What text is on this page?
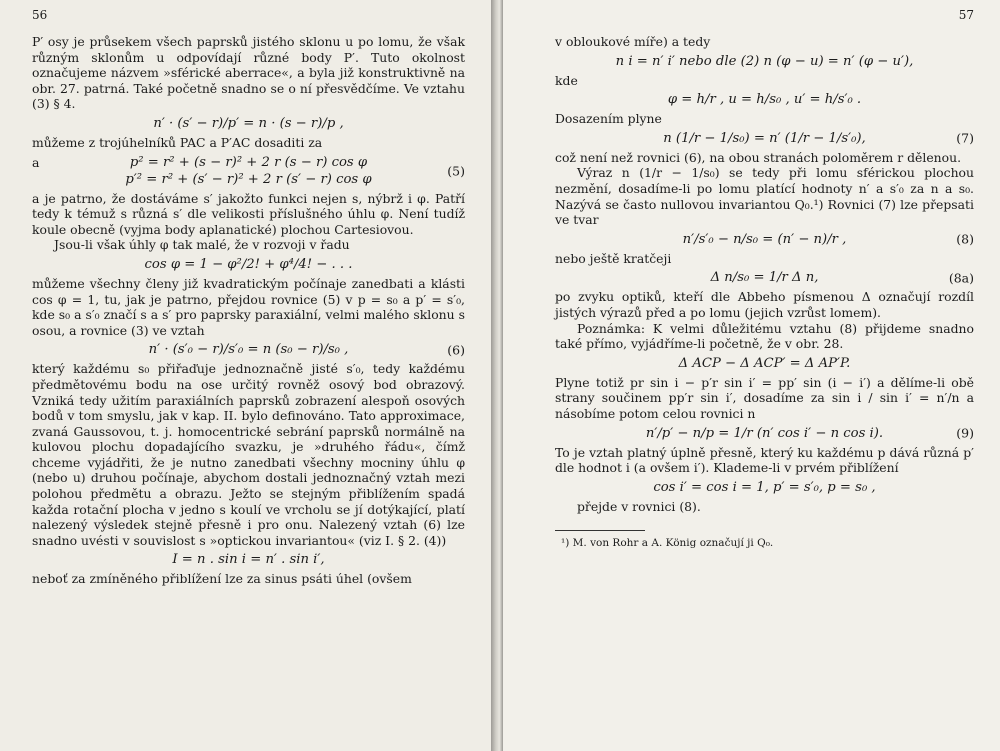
56

P′ osy je průsekem všech paprsků jistého sklonu u po lomu, že však různým sklonům u odpovídají různé body P′. Tuto okolnost označujeme názvem »sférické aberrace«, a byla již konstruktivně na obr. 27. patrná. Také početně snadno se o ní přesvědčíme. Ve vztahu (3) § 4.

n′ · (s′ − r)/p′ = n · (s − r)/p ,

můžeme z trojúhelníků PAC a P′AC dosaditi za

a	p² = r² + (s − r)² + 2 r (s − r) cos φ
p′² = r² + (s′ − r)² + 2 r (s′ − r) cos φ
(5)

a je patrno, že dostáváme s′ jakožto funkci nejen s, nýbrž i φ. Patří tedy k témuž s různá s′ dle velikosti příslušného úhlu φ. Není tudíž koule obecně (vyjma body aplanatické) plochou Cartesiovou.

Jsou-li však úhly φ tak malé, že v rozvoji v řadu

cos φ = 1 − φ²/2! + φ⁴/4! − . . .

můžeme všechny členy již kvadratickým počínaje zanedbati a klásti cos φ = 1, tu, jak je patrno, přejdou rovnice (5) v p = s₀ a p′ = s′₀, kde s₀ a s′₀ značí s a s′ pro paprsky paraxiální, velmi malého sklonu s osou, a rovnice (3) ve vztah

n′ · (s′₀ − r)/s′₀ = n (s₀ − r)/s₀ ,	(6)

který každému s₀ přiřaďuje jednoznačně jisté s′₀, tedy každému předmětovému bodu na ose určitý rovněž osový bod obrazový. Vzniká tedy užitím paraxiálních paprsků zobrazení alespoň osových bodů v tom smyslu, jak v kap. II. bylo definováno. Tato approximace, zvaná Gaussovou, t. j. homocentrické sebrání paprsků normálně na kulovou plochu dopadajícího svazku, je »druhého řádu«, čímž chceme vyjádřiti, že je nutno zanedbati všechny mocniny úhlu φ (nebo u) druhou počínaje, abychom dostali jednoznačný vztah mezi polohou předmětu a obrazu. Ježto se stejným přiblížením spadá každa rotační plocha v jedno s koulí ve vrcholu se jí dotýkající, platí nalezený výsledek stejně přesně i pro onu. Nalezený vztah (6) lze snadno uvésti v souvislost s »optickou invariantou« (viz I. § 2. (4))

I = n . sin i = n′ . sin i′,

neboť za zmíněného přiblížení lze za sinus psáti úhel (ovšem

57

v obloukové míře) a tedy

n i = n′ i′ nebo dle (2) n (φ − u) = n′ (φ − u′),

kde

φ = h/r , u = h/s₀ , u′ = h/s′₀ .

Dosazením plyne

n (1/r − 1/s₀) = n′ (1/r − 1/s′₀),	(7)

což není než rovnici (6), na obou stranách poloměrem r dělenou.

Výraz n (1/r − 1/s₀) se tedy při lomu sférickou plochou nezmění, dosadíme-li po lomu platící hodnoty n′ a s′₀ za n a s₀. Nazývá se často nullovou invariantou Q₀.¹) Rovnici (7) lze přepsati ve tvar

n′/s′₀ − n/s₀ = (n′ − n)/r ,	(8)

nebo ještě kratčeji

Δ n/s₀ = 1/r Δ n,	(8a)

po zvyku optiků, kteří dle Abbeho písmenou Δ označují rozdíl jistých výrazů před a po lomu (jejich vzrůst lomem).

Poznámka: K velmi důležitému vztahu (8) přijdeme snadno také přímo, vyjádříme-li početně, že v obr. 28.

Δ ACP − Δ ACP′ = Δ AP′P.

Plyne totiž pr sin i − p′r sin i′ = pp′ sin (i − i′) a dělíme-li obě strany součinem pp′r sin i′, dosadíme za sin i / sin i′ = n′/n a násobíme potom celou rovnici n

n′/p′ − n/p = 1/r (n′ cos i′ − n cos i).	(9)

To je vztah platný úplně přesně, který ku každému p dává různá p′ dle hodnot i (a ovšem i′). Klademe-li v prvém přiblížení

cos i′ = cos i = 1, p′ = s′₀, p = s₀ ,

přejde v rovnici (8).

¹) M. von Rohr a A. König označují ji Q₀.
